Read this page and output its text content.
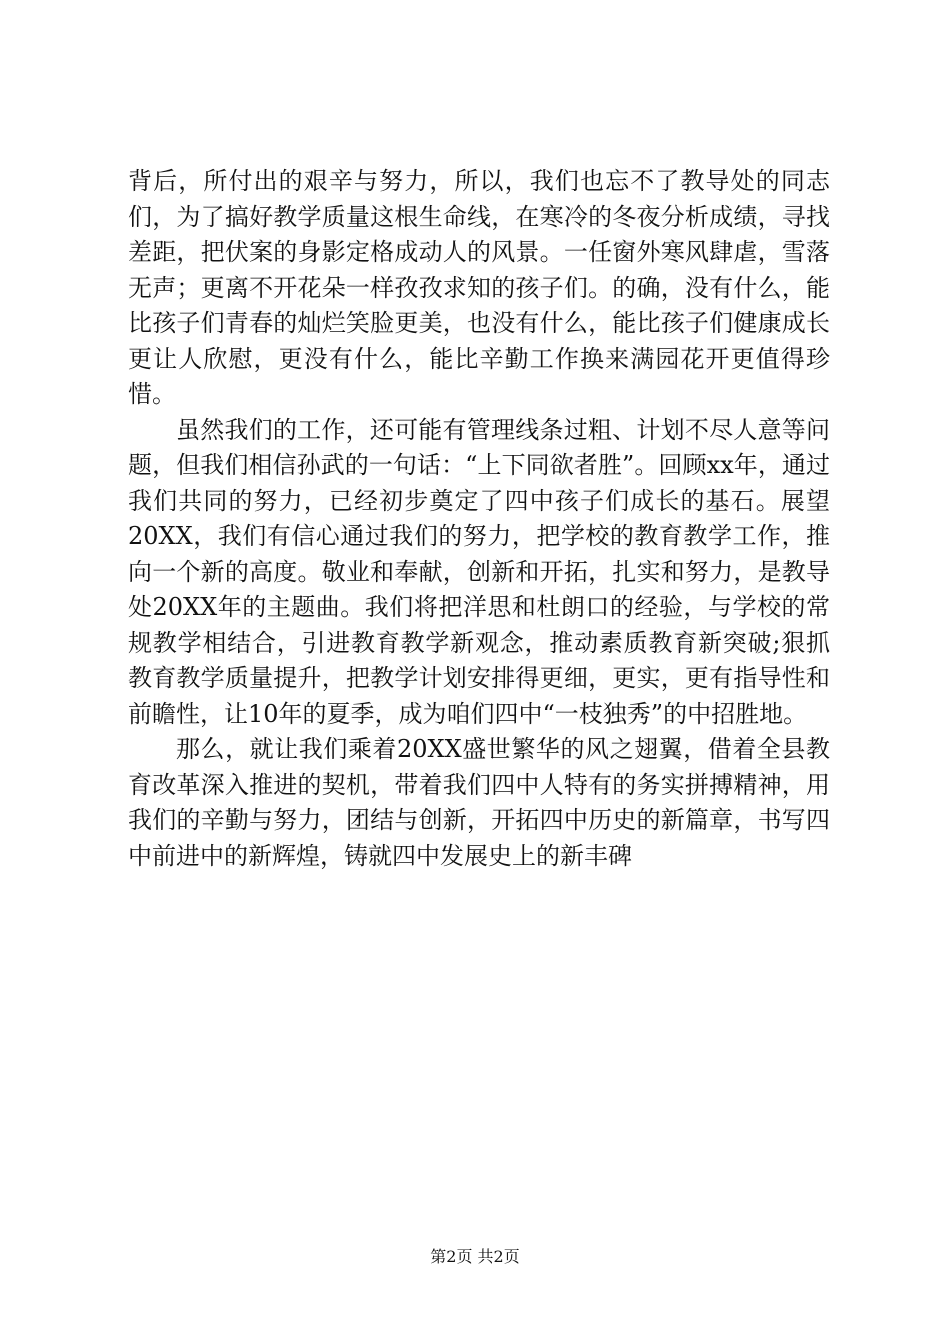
背后，所付出的艰辛与努力，所以，我们也忘不了教导处的同志们，为了搞好教学质量这根生命线，在寒冷的冬夜分析成绩，寻找差距，把伏案的身影定格成动人的风景。一任窗外寒风肆虐，雪落无声；更离不开花朵一样孜孜求知的孩子们。的确，没有什么，能比孩子们青春的灿烂笑脸更美，也没有什么，能比孩子们健康成长更让人欣慰，更没有什么，能比辛勤工作换来满园花开更值得珍惜。

虽然我们的工作，还可能有管理线条过粗、计划不尽人意等问题，但我们相信孙武的一句话：“上下同欲者胜”。回顾xx年，通过我们共同的努力，已经初步奠定了四中孩子们成长的基石。展望20XX，我们有信心通过我们的努力，把学校的教育教学工作，推向一个新的高度。敬业和奉献，创新和开拓，扎实和努力，是教导处20XX年的主题曲。我们将把洋思和杜朗口的经验，与学校的常规教学相结合，引进教育教学新观念，推动素质教育新突破;狠抓教育教学质量提升，把教学计划安排得更细，更实，更有指导性和前瞻性，让10年的夏季，成为咱们四中“一枝独秀”的中招胜地。

那么，就让我们乘着20XX盛世繁华的风之翅翼，借着全县教育改革深入推进的契机，带着我们四中人特有的务实拼搏精神，用我们的辛勤与努力，团结与创新，开拓四中历史的新篇章，书写四中前进中的新辉煌，铸就四中发展史上的新丰碑

第2页 共2页
